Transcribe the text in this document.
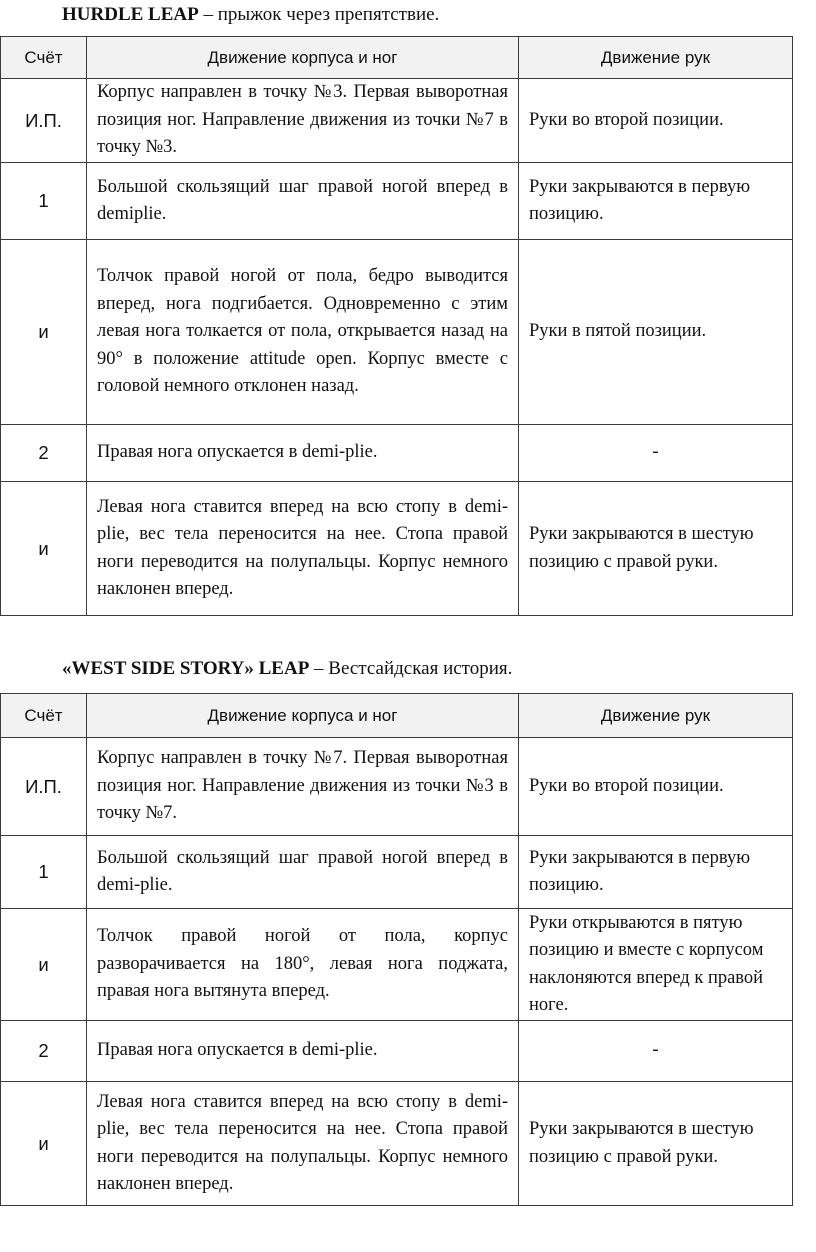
HURDLE LEAP – прыжок через препятствие.
Счёт	Движение корпуса и ног	Движение рук
И.П.	Корпус направлен в точку №3. Первая выворотная позиция ног. Направление движения из точки №7 в точку №3.	Руки во второй позиции.
1	Большой скользящий шаг правой ногой вперед в demiplie.	Руки закрываются в первую позицию.
и	Толчок правой ногой от пола, бедро выводится вперед, нога подгибается. Одновременно с этим левая нога толкается от пола, открывается назад на 90° в положение attitude open. Корпус вместе с головой немного отклонен назад.	Руки в пятой позиции.
2	Правая нога опускается в demi-plie.	-
и	Левая нога ставится вперед на всю стопу в demi-plie, вес тела переносится на нее. Стопа правой ноги переводится на полупальцы. Корпус немного наклонен вперед.	Руки закрываются в шестую позицию с правой руки.
«WEST SIDE STORY» LEAP – Вестсайдская история.
Счёт	Движение корпуса и ног	Движение рук
И.П.	Корпус направлен в точку №7. Первая выворотная позиция ног. Направление движения из точки №3 в точку №7.	Руки во второй позиции.
1	Большой скользящий шаг правой ногой вперед в demi-plie.	Руки закрываются в первую позицию.
и	Толчок правой ногой от пола, корпус разворачивается на 180°, левая нога поджата, правая нога вытянута вперед.	Руки открываются в пятую позицию и вместе с корпусом наклоняются вперед к правой ноге.
2	Правая нога опускается в demi-plie.	-
и	Левая нога ставится вперед на всю стопу в demi-plie, вес тела переносится на нее. Стопа правой ноги переводится на полупальцы. Корпус немного наклонен вперед.	Руки закрываются в шестую позицию с правой руки.
